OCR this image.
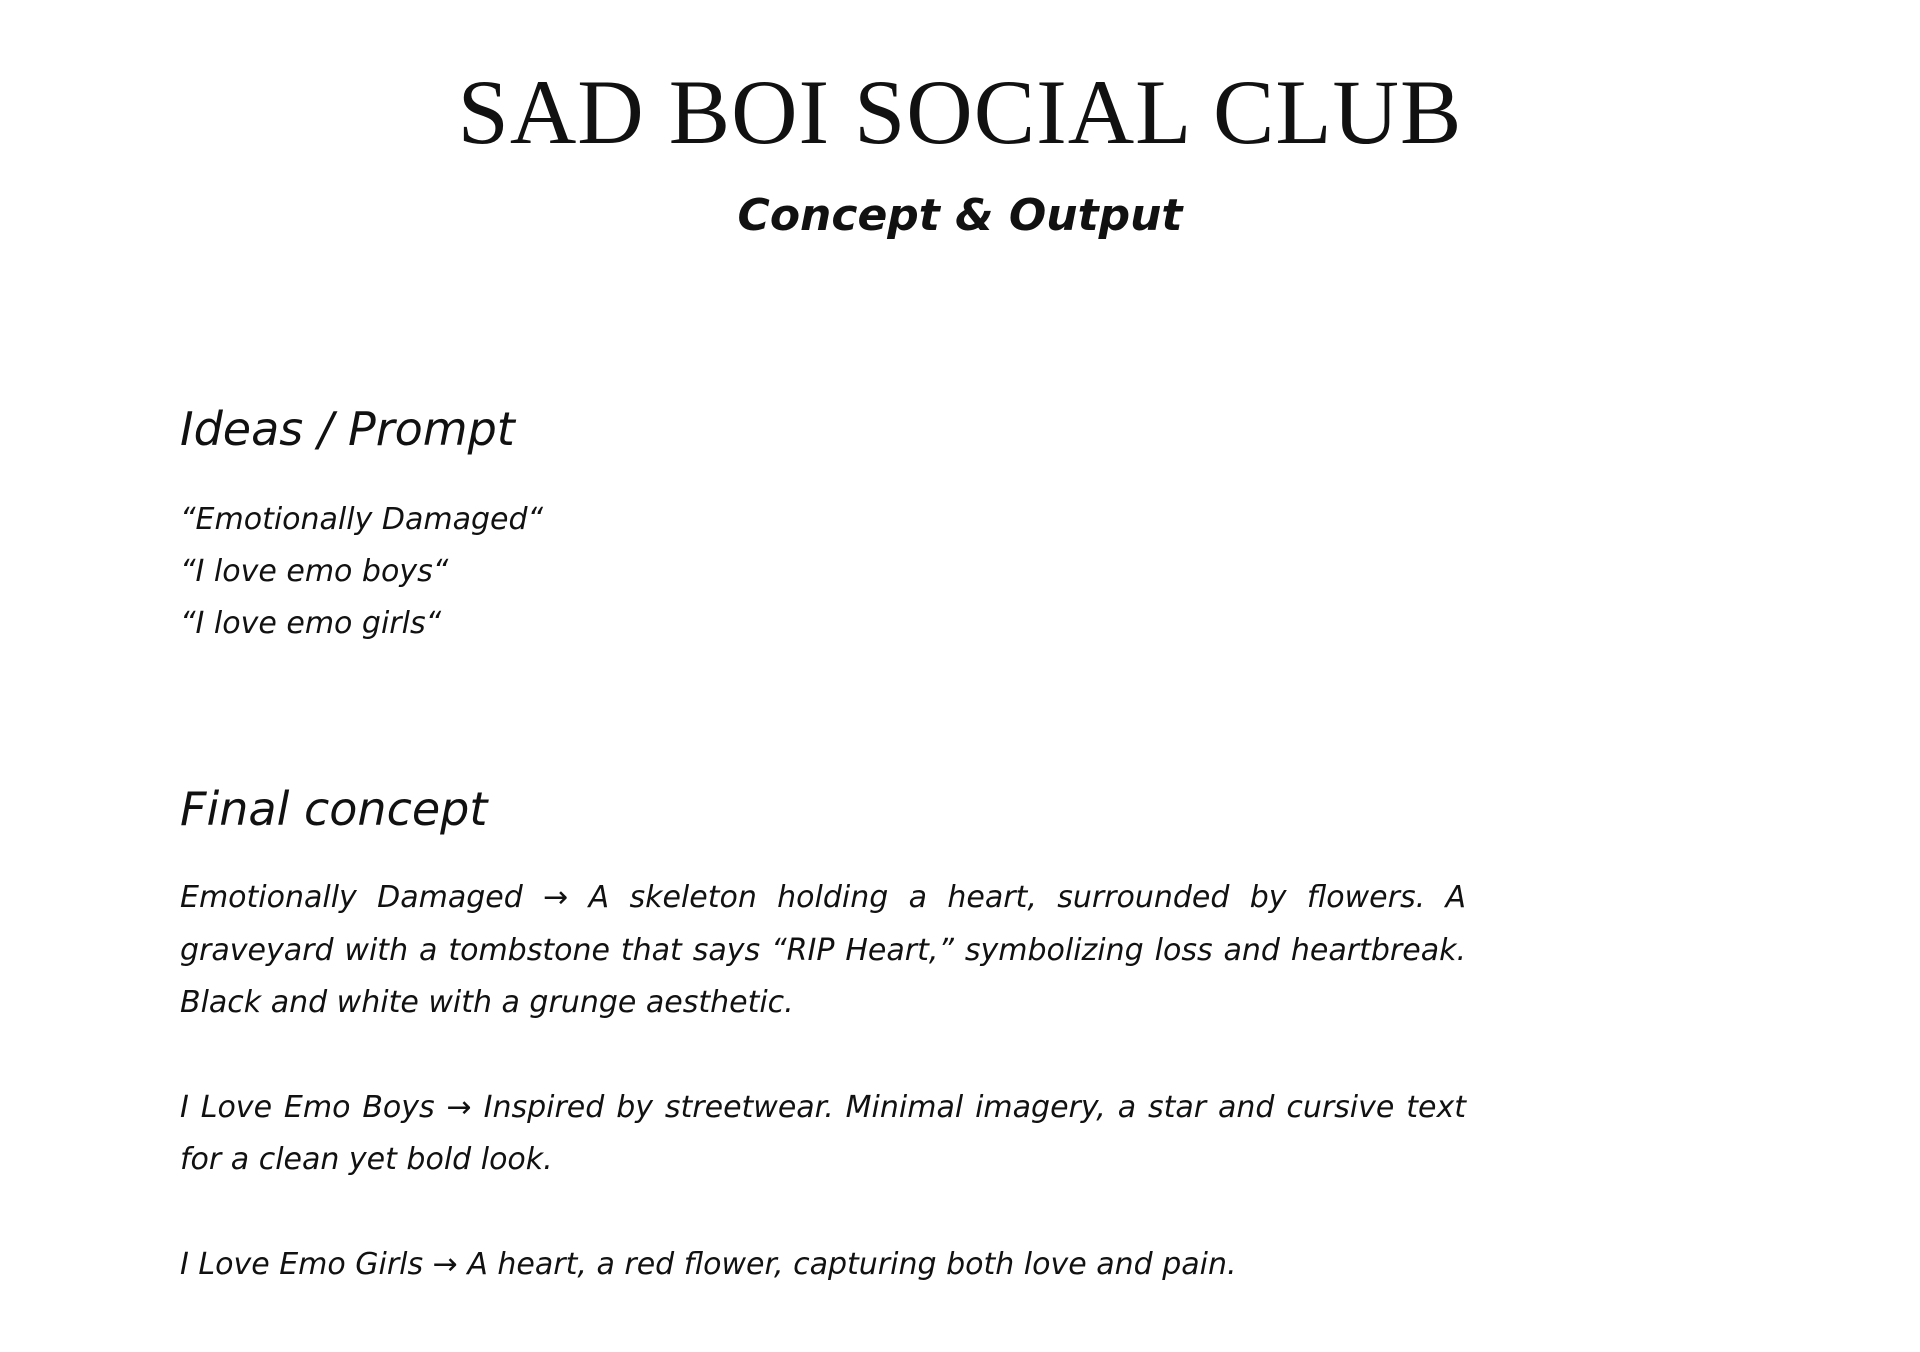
SAD BOI SOCIAL CLUB
Concept & Output
Ideas / Prompt
“Emotionally Damaged“
“I love emo boys“
“I love emo girls“
Final concept

Emotionally Damaged → A skeleton holding a heart, surrounded by flowers. A graveyard with a tombstone that says “RIP Heart,” symbolizing loss and heartbreak. Black and white with a grunge aesthetic.

I Love Emo Boys → Inspired by streetwear. Minimal imagery, a star and cursive text for a clean yet bold look.

I Love Emo Girls → A heart, a red flower, capturing both love and pain.
